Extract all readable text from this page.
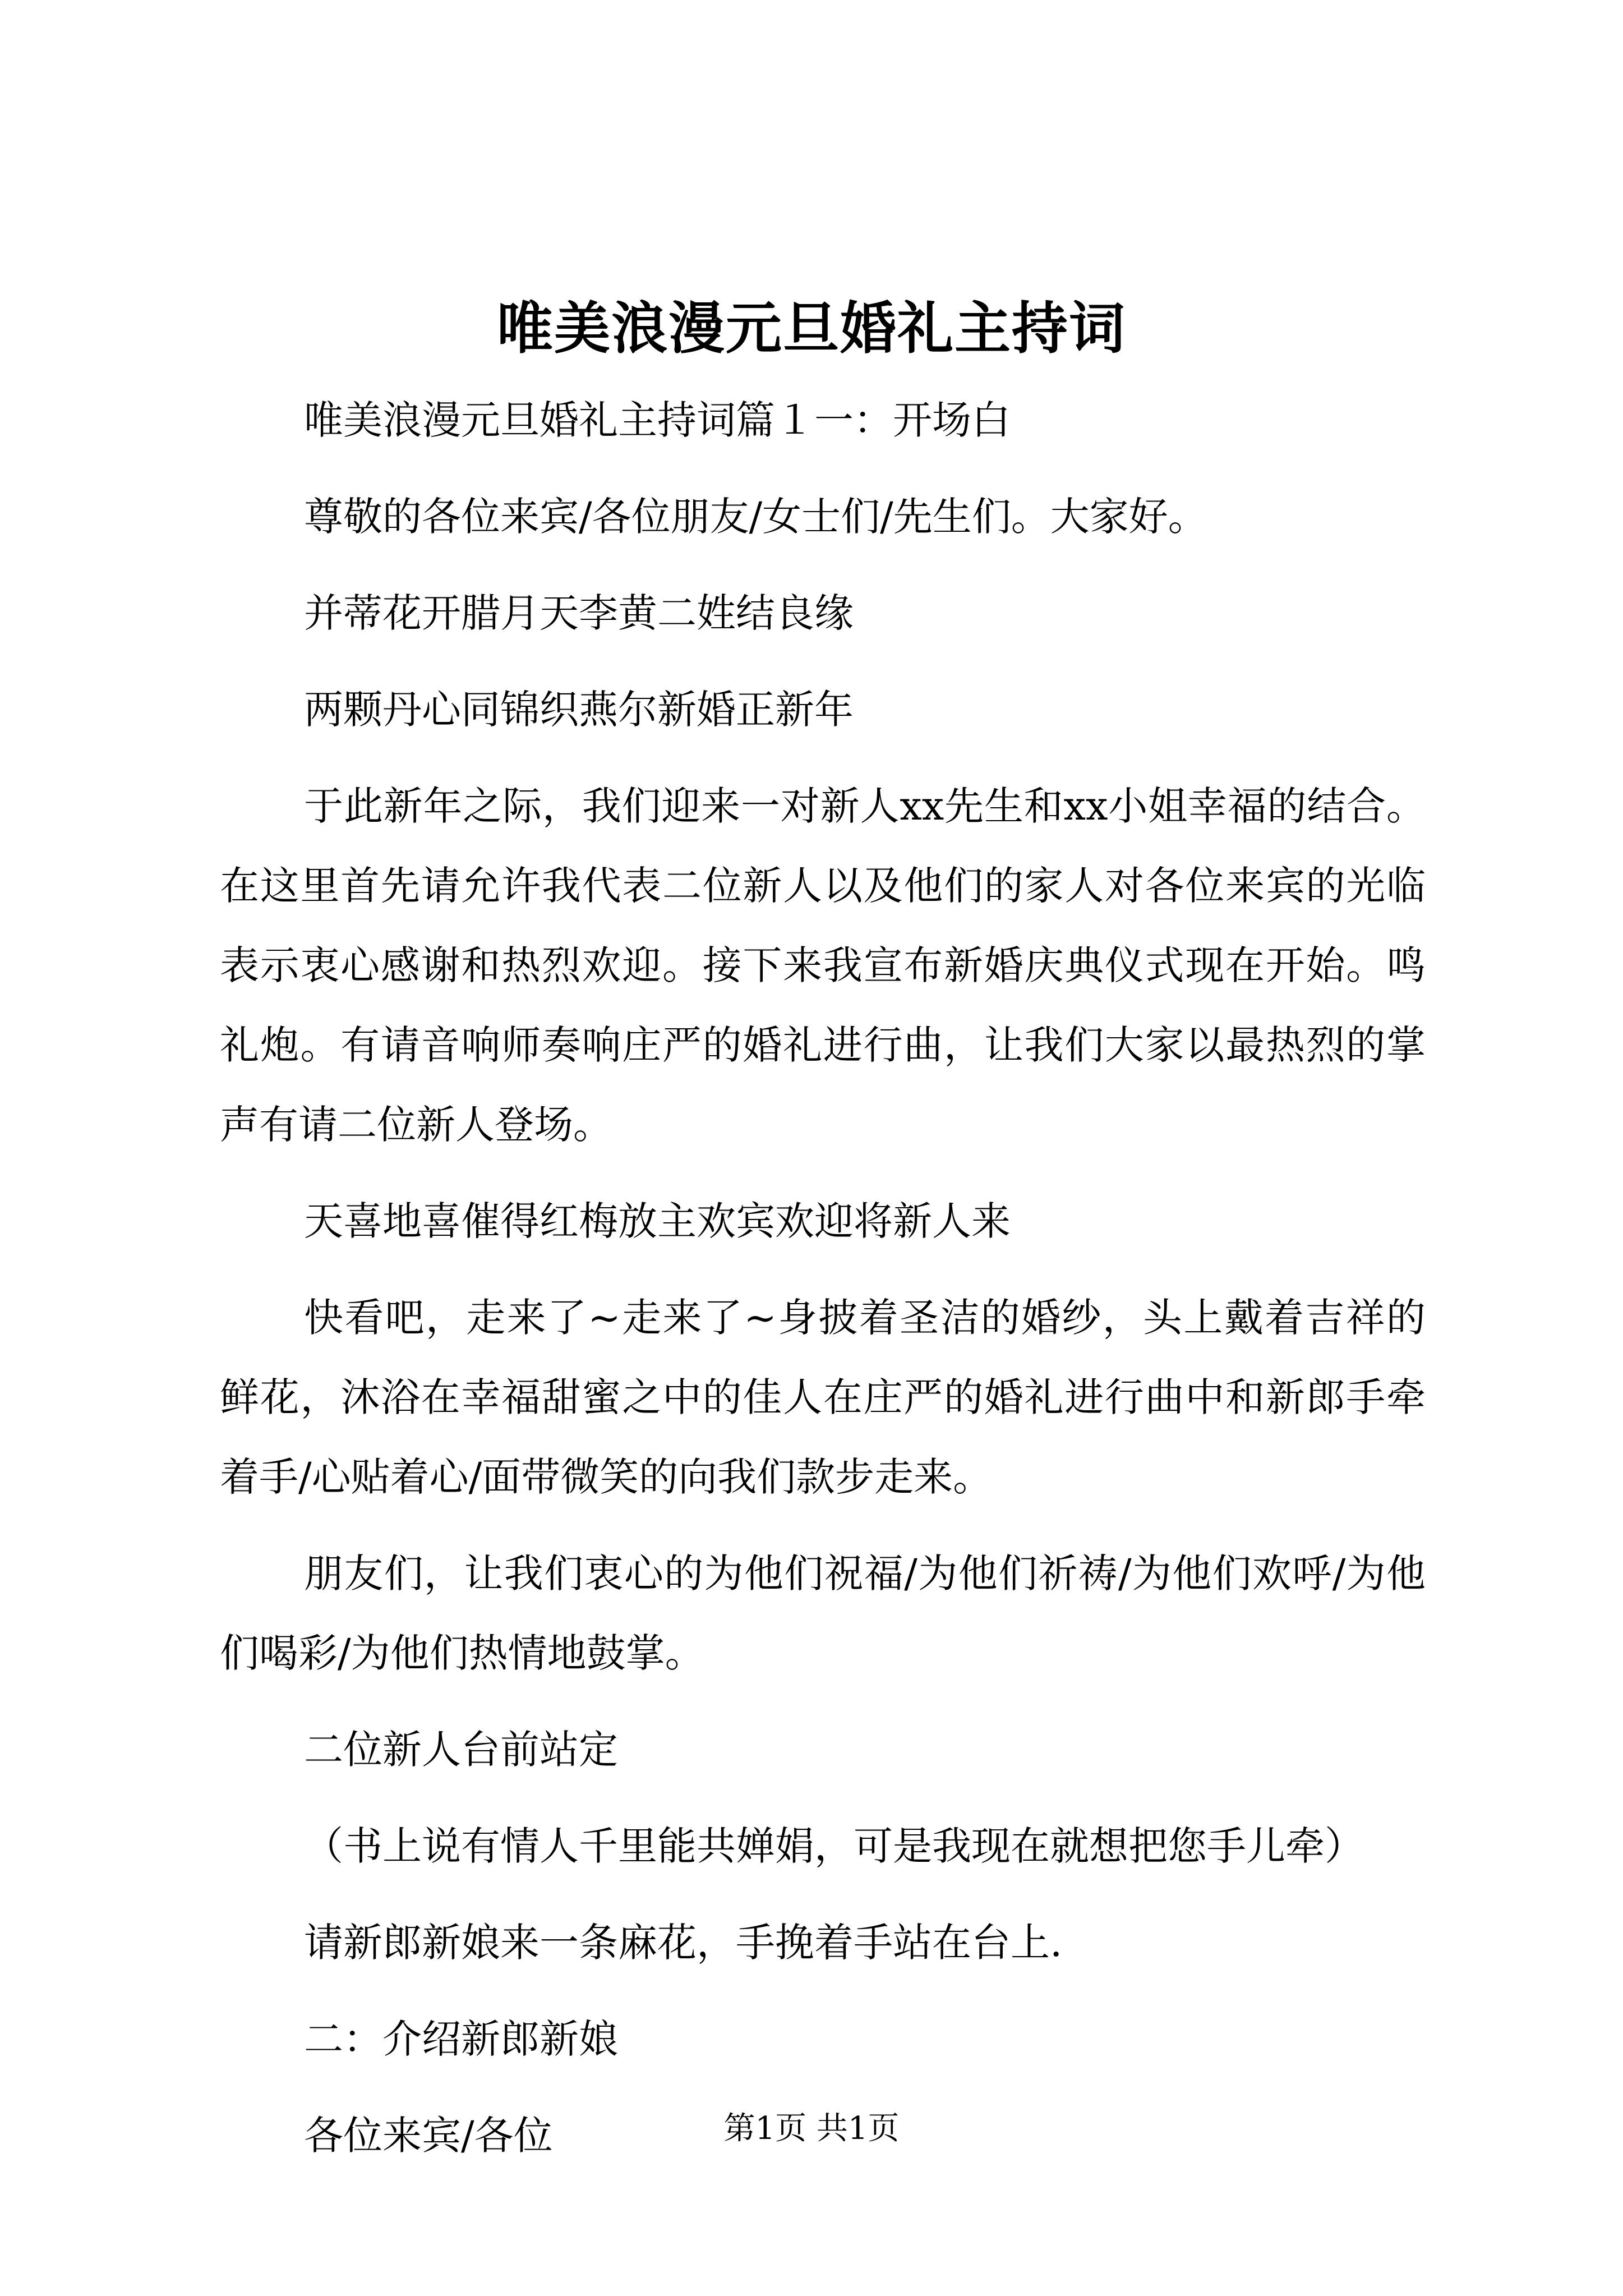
唯美浪漫元旦婚礼主持词

唯美浪漫元旦婚礼主持词篇１一：开场白

尊敬的各位来宾/各位朋友/女士们/先生们。大家好。

并蒂花开腊月天李黄二姓结良缘

两颗丹心同锦织燕尔新婚正新年

于此新年之际，我们迎来一对新人xx先生和xx小姐幸福的结合。在这里首先请允许我代表二位新人以及他们的家人对各位来宾的光临表示衷心感谢和热烈欢迎。接下来我宣布新婚庆典仪式现在开始。鸣礼炮。有请音响师奏响庄严的婚礼进行曲，让我们大家以最热烈的掌声有请二位新人登场。

天喜地喜催得红梅放主欢宾欢迎将新人来

快看吧，走来了~走来了~身披着圣洁的婚纱，头上戴着吉祥的鲜花，沐浴在幸福甜蜜之中的佳人在庄严的婚礼进行曲中和新郎手牵着手/心贴着心/面带微笑的向我们款步走来。

朋友们，让我们衷心的为他们祝福/为他们祈祷/为他们欢呼/为他们喝彩/为他们热情地鼓掌。

二位新人台前站定

（书上说有情人千里能共婵娟，可是我现在就想把您手儿牵）

请新郎新娘来一条麻花，手挽着手站在台上.

二：介绍新郎新娘

各位来宾/各位	第1页 共1页
